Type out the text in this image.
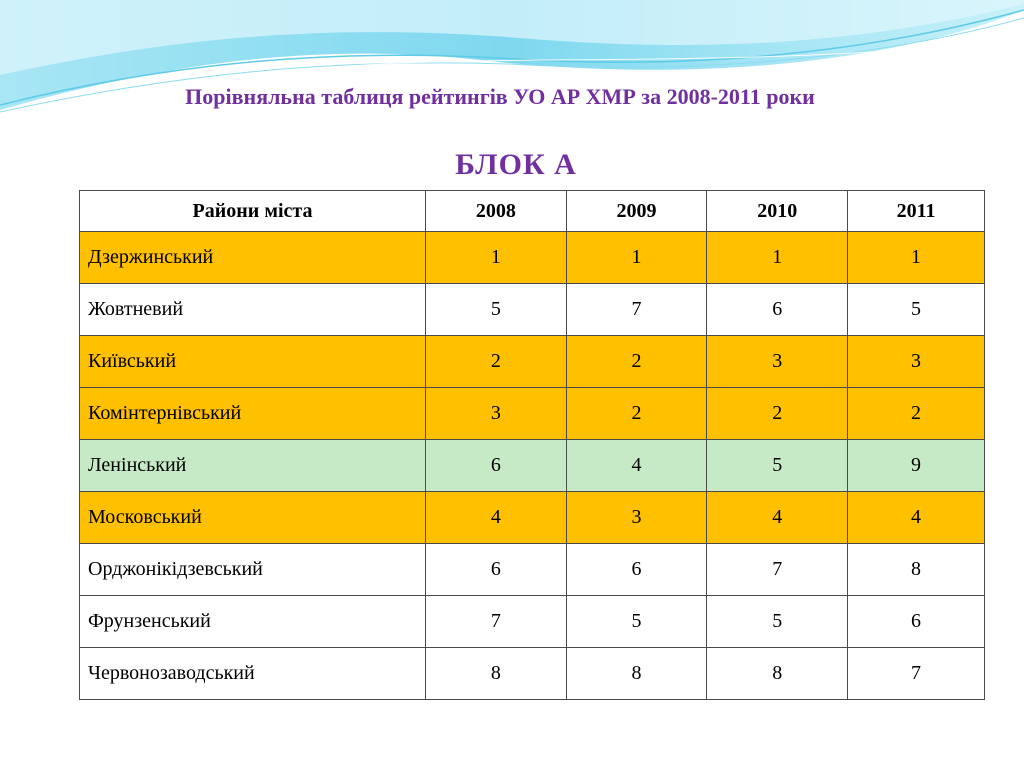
Порівняльна таблиця рейтингів УО АР ХМР за 2008-2011 роки
БЛОК А
Райони міста	2008	2009	2010	2011
Дзержинський	1	1	1	1
Жовтневий	5	7	6	5
Київський	2	2	3	3
Комінтернівський	3	2	2	2
Ленінський	6	4	5	9
Московський	4	3	4	4
Орджонікідзевський	6	6	7	8
Фрунзенський	7	5	5	6
Червонозаводський	8	8	8	7
